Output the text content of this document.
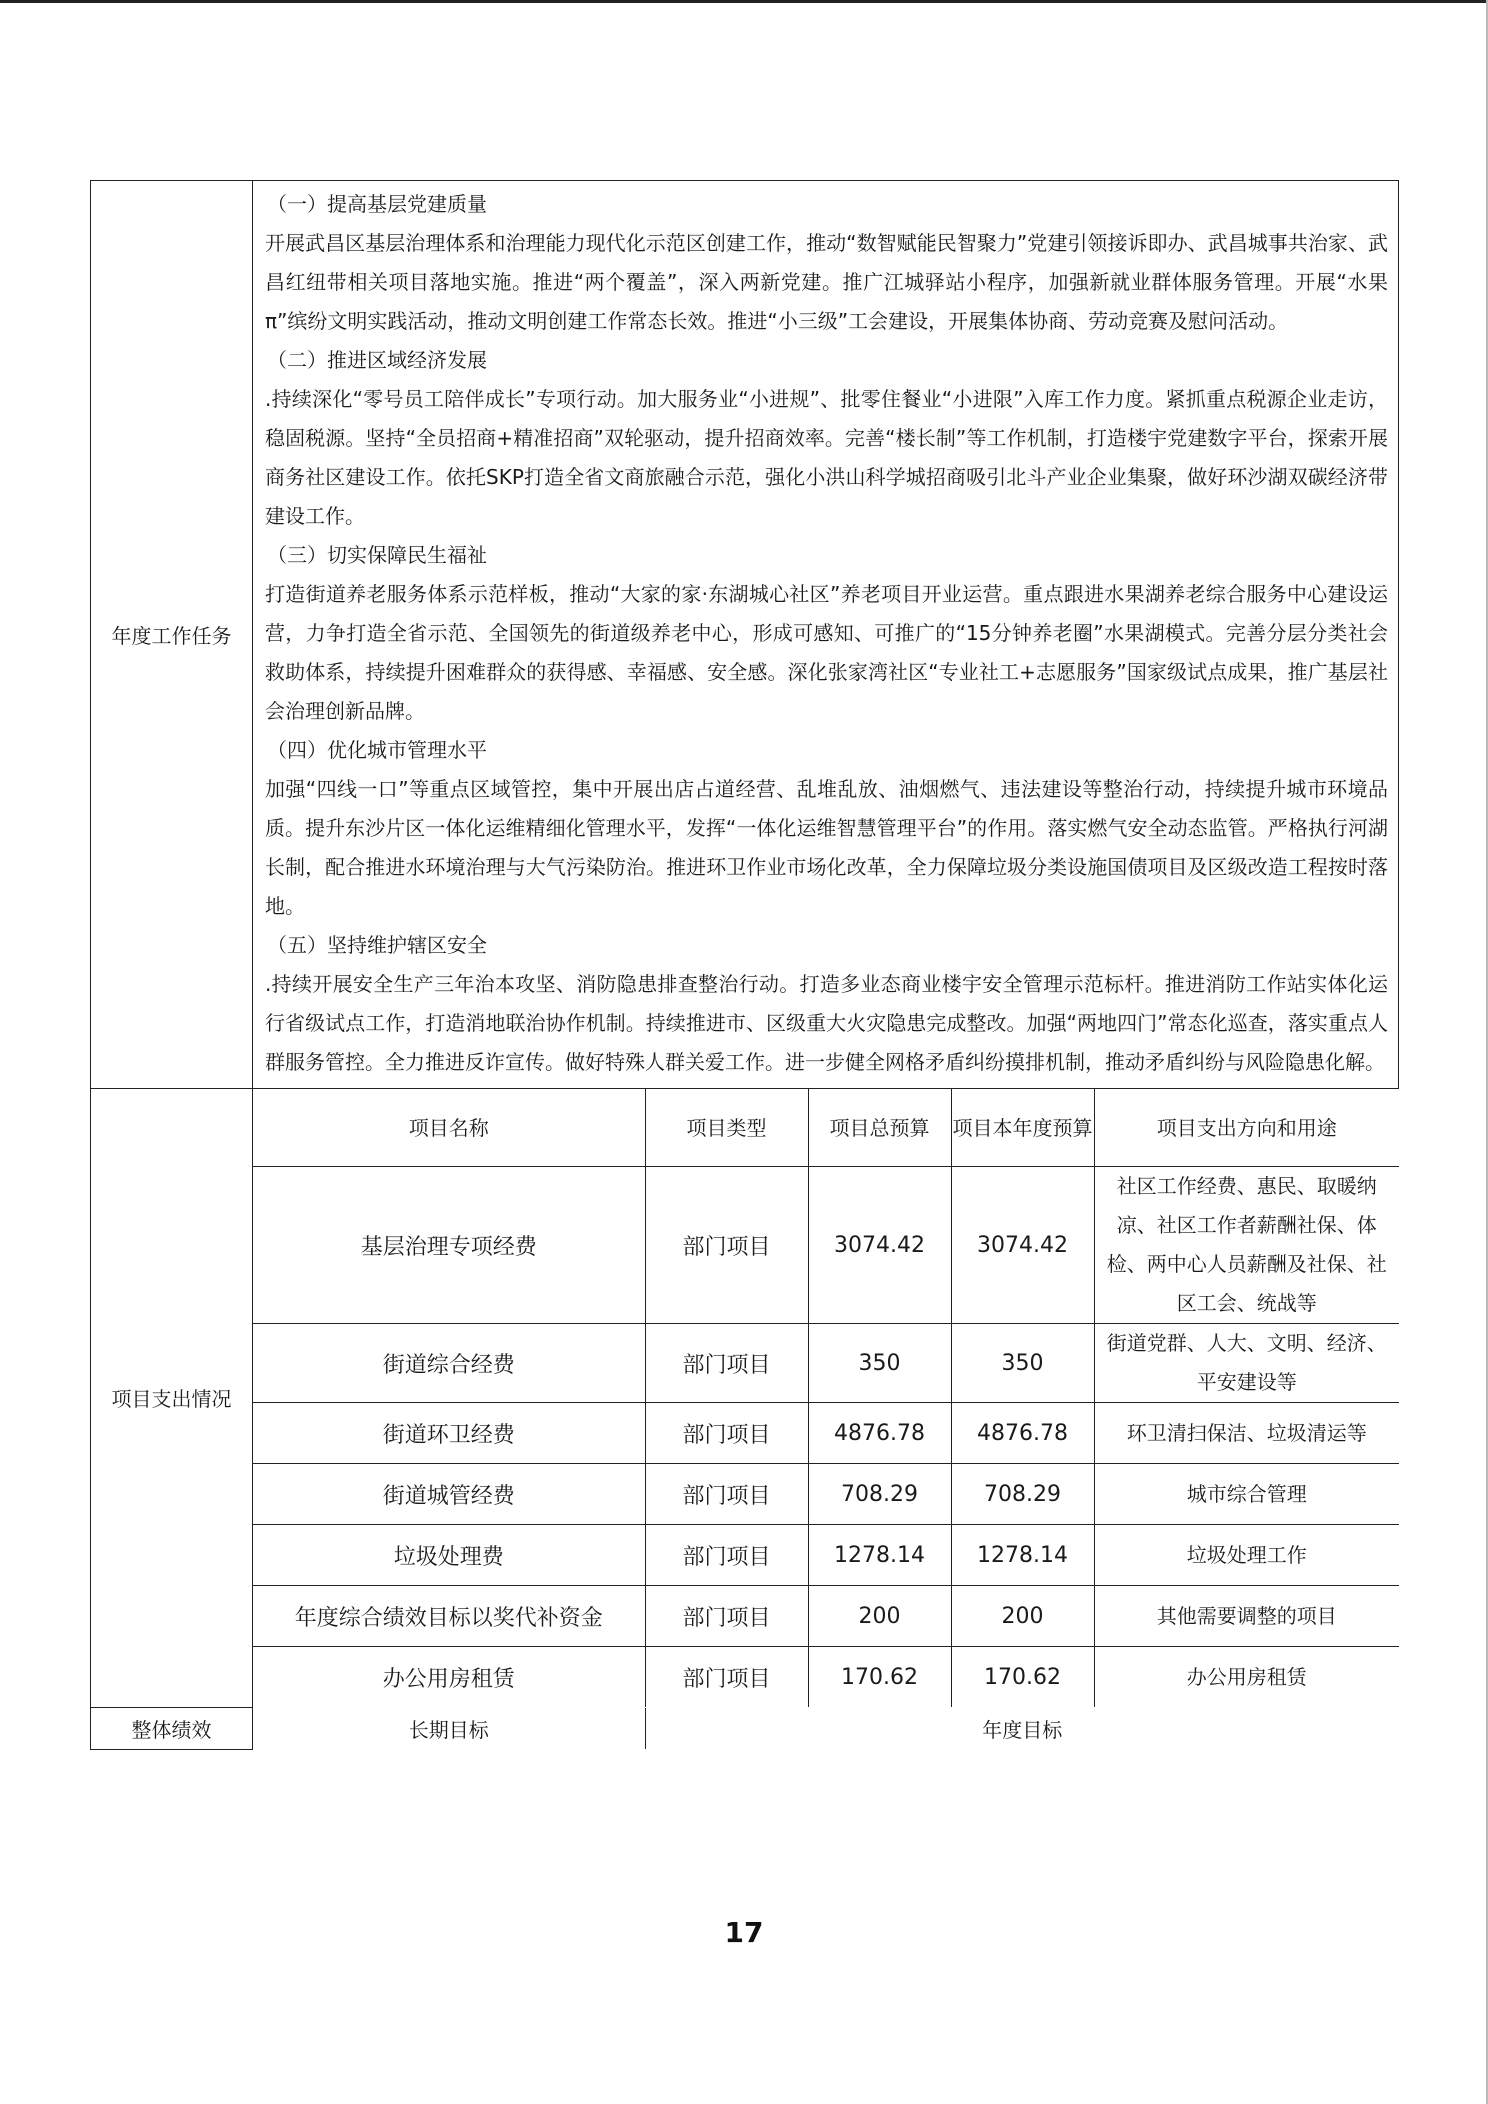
年度工作任务	
（一）提高基层党建质量
开展武昌区基层治理体系和治理能力现代化示范区创建工作，推动“数智赋能民智聚力”党建引领接诉即办、武昌城事共治家、武昌红纽带相关项目落地实施。推进“两个覆盖”，深入两新党建。推广江城驿站小程序，加强新就业群体服务管理。开展“水果π”缤纷文明实践活动，推动文明创建工作常态长效。推进“小三级”工会建设，开展集体协商、劳动竞赛及慰问活动。
（二）推进区域经济发展
.持续深化“零号员工陪伴成长”专项行动。加大服务业“小进规”、批零住餐业“小进限”入库工作力度。紧抓重点税源企业走访，稳固税源。坚持“全员招商+精准招商”双轮驱动，提升招商效率。完善“楼长制”等工作机制，打造楼宇党建数字平台，探索开展商务社区建设工作。依托SKP打造全省文商旅融合示范，强化小洪山科学城招商吸引北斗产业企业集聚，做好环沙湖双碳经济带建设工作。
（三）切实保障民生福祉
打造街道养老服务体系示范样板，推动“大家的家·东湖城心社区”养老项目开业运营。重点跟进水果湖养老综合服务中心建设运营，力争打造全省示范、全国领先的街道级养老中心，形成可感知、可推广的“15分钟养老圈”水果湖模式。完善分层分类社会救助体系，持续提升困难群众的获得感、幸福感、安全感。深化张家湾社区“专业社工+志愿服务”国家级试点成果，推广基层社会治理创新品牌。
（四）优化城市管理水平
加强“四线一口”等重点区域管控，集中开展出店占道经营、乱堆乱放、油烟燃气、违法建设等整治行动，持续提升城市环境品质。提升东沙片区一体化运维精细化管理水平，发挥“一体化运维智慧管理平台”的作用。落实燃气安全动态监管。严格执行河湖长制，配合推进水环境治理与大气污染防治。推进环卫作业市场化改革，全力保障垃圾分类设施国债项目及区级改造工程按时落地。
（五）坚持维护辖区安全
.持续开展安全生产三年治本攻坚、消防隐患排查整治行动。打造多业态商业楼宇安全管理示范标杆。推进消防工作站实体化运行省级试点工作，打造消地联治协作机制。持续推进市、区级重大火灾隐患完成整改。加强“两地四门”常态化巡查，落实重点人群服务管控。全力推进反诈宣传。做好特殊人群关爱工作。进一步健全网格矛盾纠纷摸排机制，推动矛盾纠纷与风险隐患化解。

项目支出情况	
项目名称	项目类型	项目总预算	项目本年度预算	项目支出方向和用途
基层治理专项经费	部门项目	3074.42	3074.42	社区工作经费、惠民、取暖纳凉、社区工作者薪酬社保、体检、两中心人员薪酬及社保、社区工会、统战等
街道综合经费	部门项目	350	350	街道党群、人大、文明、经济、平安建设等
街道环卫经费	部门项目	4876.78	4876.78	环卫清扫保洁、垃圾清运等
街道城管经费	部门项目	708.29	708.29	城市综合管理
垃圾处理费	部门项目	1278.14	1278.14	垃圾处理工作
年度综合绩效目标以奖代补资金	部门项目	200	200	其他需要调整的项目
办公用房租赁	部门项目	170.62	170.62	办公用房租赁

整体绩效		长期目标	年度目标
17
